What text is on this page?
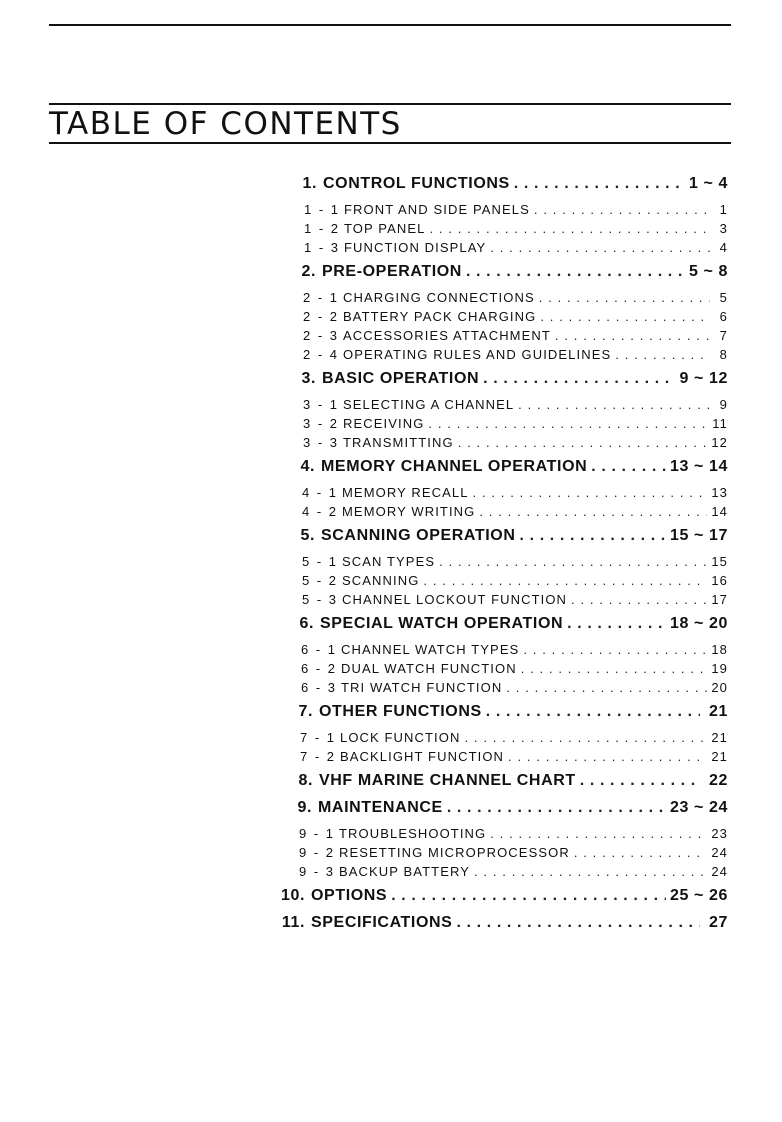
TABLE OF CONTENTS
1. CONTROL FUNCTIONS . . .	1 ~ 4
1 - 1 FRONT AND SIDE PANELS . . .	1
1 - 2 TOP PANEL . . .	3
1 - 3 FUNCTION DISPLAY . . .	4
2. PRE-OPERATION . . .	5 ~ 8
2 - 1 CHARGING CONNECTIONS . . .	5
2 - 2 BATTERY PACK CHARGING . . .	6
2 - 3 ACCESSORIES ATTACHMENT . . .	7
2 - 4 OPERATING RULES AND GUIDELINES . . .	8
3. BASIC OPERATION . . .	9 ~ 12
3 - 1 SELECTING A CHANNEL . . .	9
3 - 2 RECEIVING . . .	11
3 - 3 TRANSMITTING . . .	12
4. MEMORY CHANNEL OPERATION . . .	13 ~ 14
4 - 1 MEMORY RECALL . . .	13
4 - 2 MEMORY WRITING . . .	14
5. SCANNING OPERATION . . .	15 ~ 17
5 - 1 SCAN TYPES . . .	15
5 - 2 SCANNING . . .	16
5 - 3 CHANNEL LOCKOUT FUNCTION . . .	17
6. SPECIAL WATCH OPERATION . . .	18 ~ 20
6 - 1 CHANNEL WATCH TYPES . . .	18
6 - 2 DUAL WATCH FUNCTION . . .	19
6 - 3 TRI WATCH FUNCTION . . .	20
7. OTHER FUNCTIONS . . .	21
7 - 1 LOCK FUNCTION . . .	21
7 - 2 BACKLIGHT FUNCTION . . .	21
8. VHF MARINE CHANNEL CHART . . .	22
9. MAINTENANCE . . .	23 ~ 24
9 - 1 TROUBLESHOOTING . . .	23
9 - 2 RESETTING MICROPROCESSOR . . .	24
9 - 3 BACKUP BATTERY . . .	24
10. OPTIONS . . .	25 ~ 26
11. SPECIFICATIONS . . .	27
